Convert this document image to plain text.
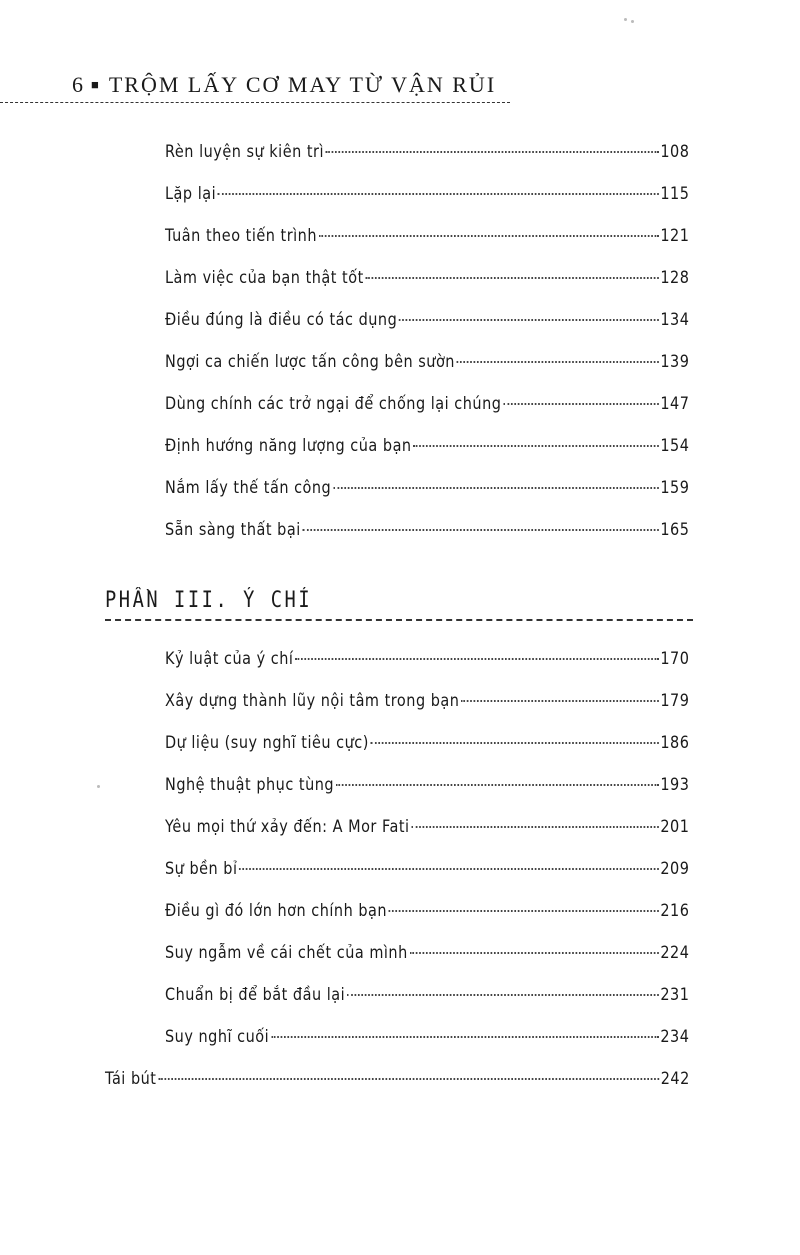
6 ■ TRỘM LẤY CƠ MAY TỪ VẬN RỦI
Rèn luyện sự kiên trì	108
Lặp lại	115
Tuân theo tiến trình	121
Làm việc của bạn thật tốt	128
Điều đúng là điều có tác dụng	134
Ngợi ca chiến lược tấn công bên sườn	139
Dùng chính các trở ngại để chống lại chúng	147
Định hướng năng lượng của bạn	154
Nắm lấy thế tấn công	159
Sẵn sàng thất bại	165
PHẦN III. Ý CHÍ
Kỷ luật của ý chí	170
Xây dựng thành lũy nội tâm trong bạn	179
Dự liệu (suy nghĩ tiêu cực)	186
Nghệ thuật phục tùng	193
Yêu mọi thứ xảy đến: A Mor Fati	201
Sự bền bỉ	209
Điều gì đó lớn hơn chính bạn	216
Suy ngẫm về cái chết của mình	224
Chuẩn bị để bắt đầu lại	231
Suy nghĩ cuối	234
Tái bút	242
